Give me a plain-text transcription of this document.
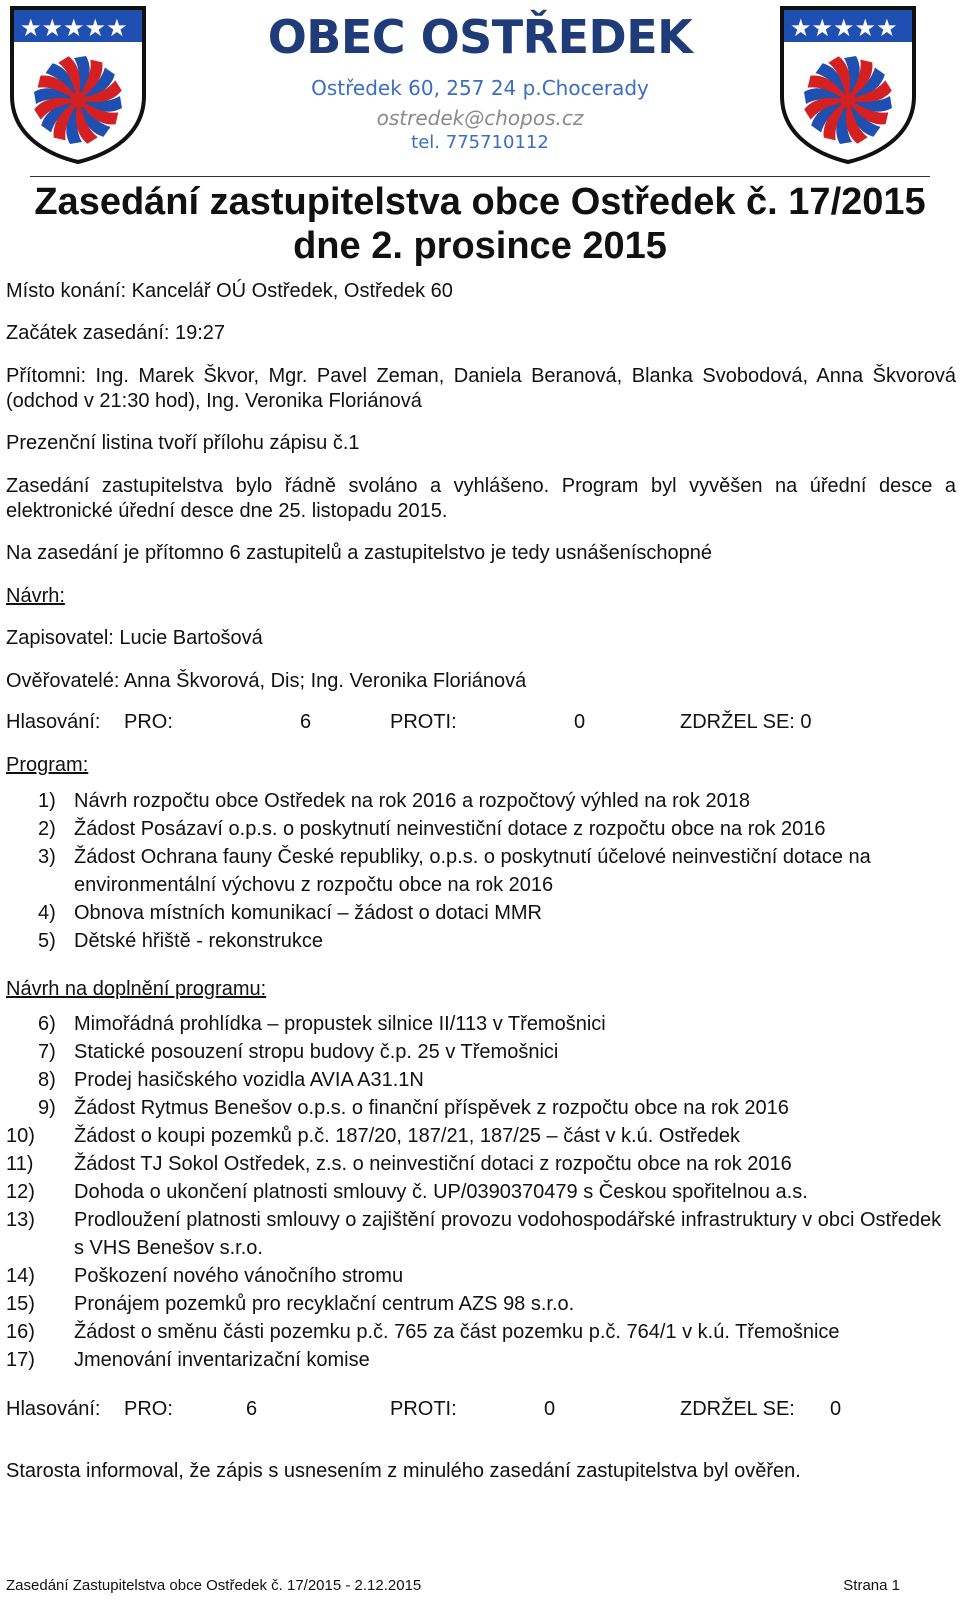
★★★★★	★★★★★
OBEC OSTŘEDEK
Ostředek 60, 257 24 p.Chocerady
ostredek@chopos.cz
tel. 775710112
Zasedání zastupitelstva obce Ostředek č. 17/2015
dne 2. prosince 2015
Místo konání: Kancelář OÚ Ostředek, Ostředek 60
Začátek zasedání: 19:27
Přítomni: Ing. Marek Škvor, Mgr. Pavel Zeman, Daniela Beranová, Blanka Svobodová, Anna Škvorová (odchod v 21:30 hod), Ing. Veronika Floriánová
Prezenční listina tvoří přílohu zápisu č.1
Zasedání zastupitelstva bylo řádně svoláno a vyhlášeno. Program byl vyvěšen na úřední desce a elektronické úřední desce dne 25. listopadu 2015.
Na zasedání je přítomno 6 zastupitelů a zastupitelstvo je tedy usnášeníschopné
Návrh:
Zapisovatel: Lucie Bartošová
Ověřovatelé: Anna Škvorová, Dis; Ing. Veronika Floriánová
Hlasování: PRO:	6	PROTI:	0	ZDRŽEL SE: 0
Program:
1) Návrh rozpočtu obce Ostředek na rok 2016 a rozpočtový výhled na rok 2018
2) Žádost Posázaví o.p.s. o poskytnutí neinvestiční dotace z rozpočtu obce na rok 2016
3) Žádost Ochrana fauny České republiky, o.p.s. o poskytnutí účelové neinvestiční dotace na environmentální výchovu z rozpočtu obce na rok 2016
4) Obnova místních komunikací – žádost o dotaci MMR
5) Dětské hřiště - rekonstrukce
Návrh na doplnění programu:
6) Mimořádná prohlídka – propustek silnice II/113 v Třemošnici
7) Statické posouzení stropu budovy č.p. 25 v Třemošnici
8) Prodej hasičského vozidla AVIA A31.1N
9) Žádost Rytmus Benešov o.p.s. o finanční příspěvek z rozpočtu obce na rok 2016
10) Žádost o koupi pozemků p.č. 187/20, 187/21, 187/25 – část v k.ú. Ostředek
11) Žádost TJ Sokol Ostředek, z.s. o neinvestiční dotaci z rozpočtu obce na rok 2016
12) Dohoda o ukončení platnosti smlouvy č. UP/0390370479 s Českou spořitelnou a.s.
13) Prodloužení platnosti smlouvy o zajištění provozu vodohospodářské infrastruktury v obci Ostředek s VHS Benešov s.r.o.
14) Poškození nového vánočního stromu
15) Pronájem pozemků pro recyklační centrum AZS 98 s.r.o.
16) Žádost o směnu části pozemku p.č. 765 za část pozemku p.č. 764/1 v k.ú. Třemošnice
17) Jmenování inventarizační komise
Hlasování: PRO:	6	PROTI:	0	ZDRŽEL SE: 0
Starosta informoval, že zápis s usnesením z minulého zasedání zastupitelstva byl ověřen.
Zasedání Zastupitelstva obce Ostředek č. 17/2015 - 2.12.2015	Strana 1
